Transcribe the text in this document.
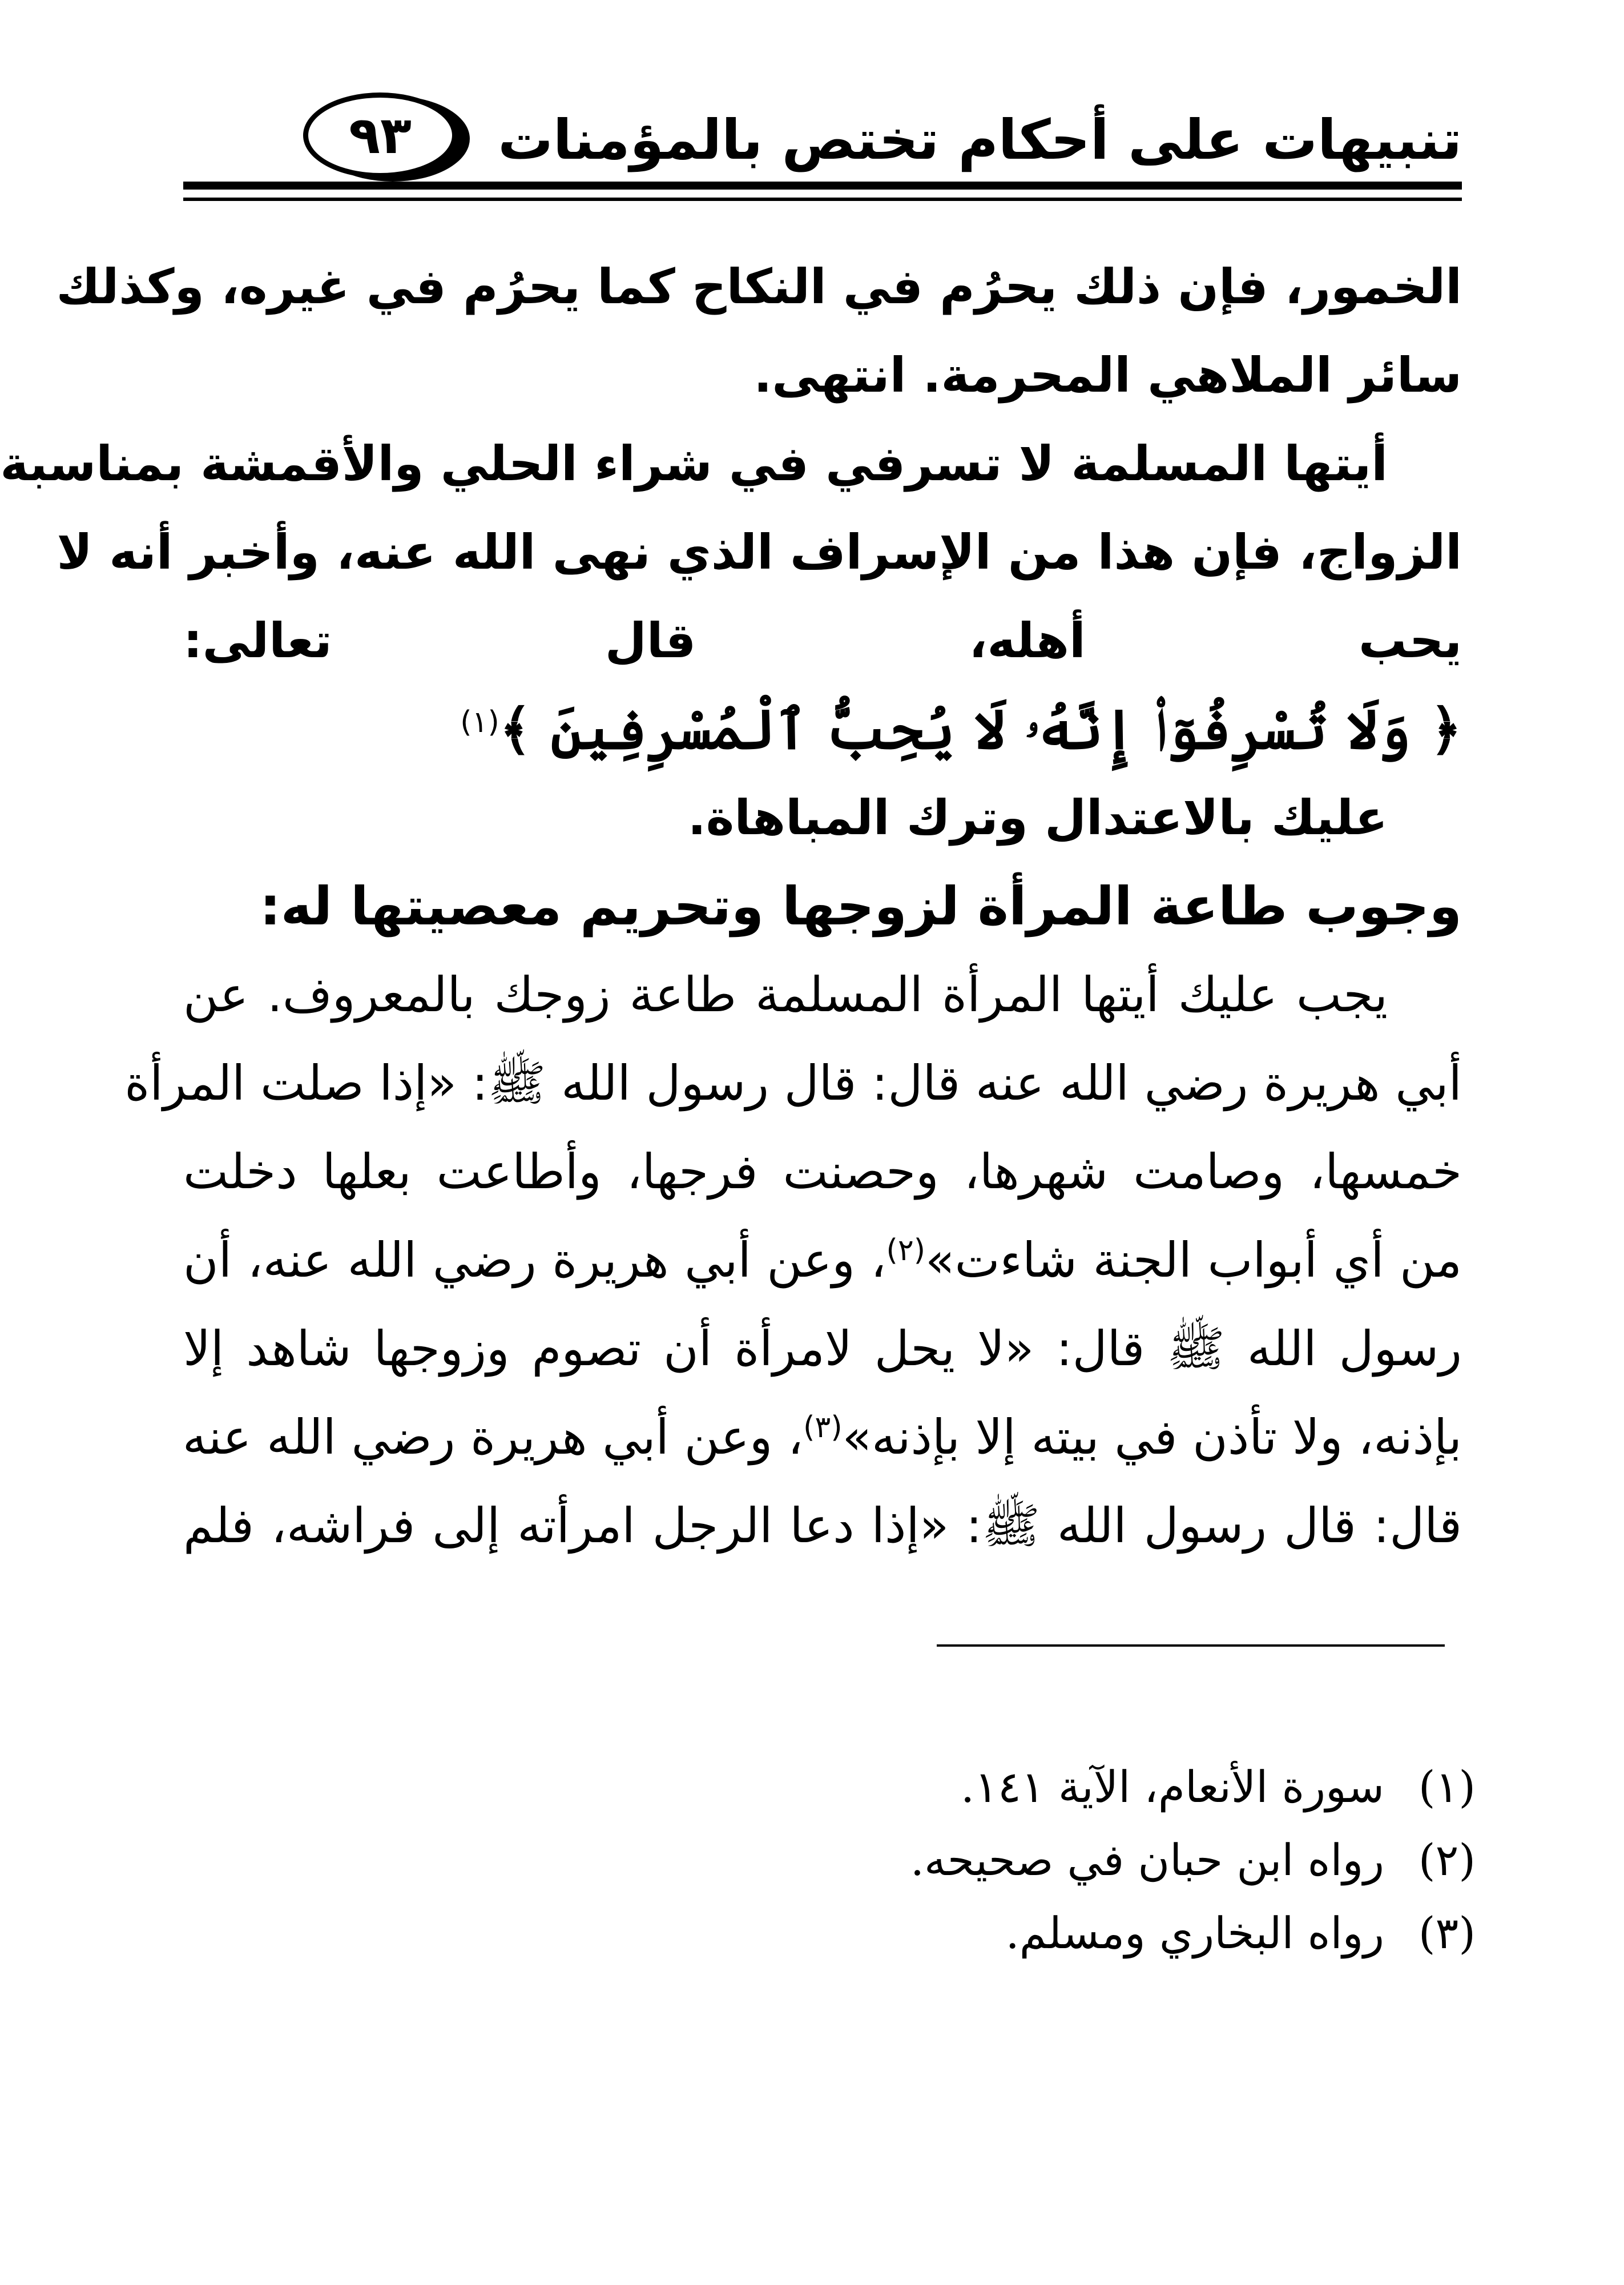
تنبيهات على أحكام تختص بالمؤمنات
٩٣
الخمور، فإن ذلك يحرُم في النكاح كما يحرُم في غيره، وكذلك
سائر الملاهي المحرمة. انتهى.
أيتها المسلمة لا تسرفي في شراء الحلي والأقمشة بمناسبة
الزواج، فإن هذا من الإسراف الذي نهى الله عنه، وأخبر أنه لا
يحب أهله، قال تعالى:
﴿ وَلَا تُسْرِفُوٓا۟ إِنَّهُۥ لَا يُحِبُّ ٱلْمُسْرِفِينَ ﴾$^{(١)}$
عليك بالاعتدال وترك المباهاة.
وجوب طاعة المرأة لزوجها وتحريم معصيتها له:
يجب عليك أيتها المرأة المسلمة طاعة زوجك بالمعروف. عن
أبي هريرة رضي الله عنه قال: قال رسول الله ﷺ: «إذا صلت المرأة
خمسها، وصامت شهرها، وحصنت فرجها، وأطاعت بعلها دخلت
من أي أبواب الجنة شاءت»$^{(٢)}$، وعن أبي هريرة رضي الله عنه، أن
رسول الله ﷺ قال: «لا يحل لامرأة أن تصوم وزوجها شاهد إلا
بإذنه، ولا تأذن في بيته إلا بإذنه»$^{(٣)}$، وعن أبي هريرة رضي الله عنه
قال: قال رسول الله ﷺ: «إذا دعا الرجل امرأته إلى فراشه، فلم
(١)
سورة الأنعام، الآية ١٤١.
(٢)
رواه ابن حبان في صحيحه.
(٣)
رواه البخاري ومسلم.
